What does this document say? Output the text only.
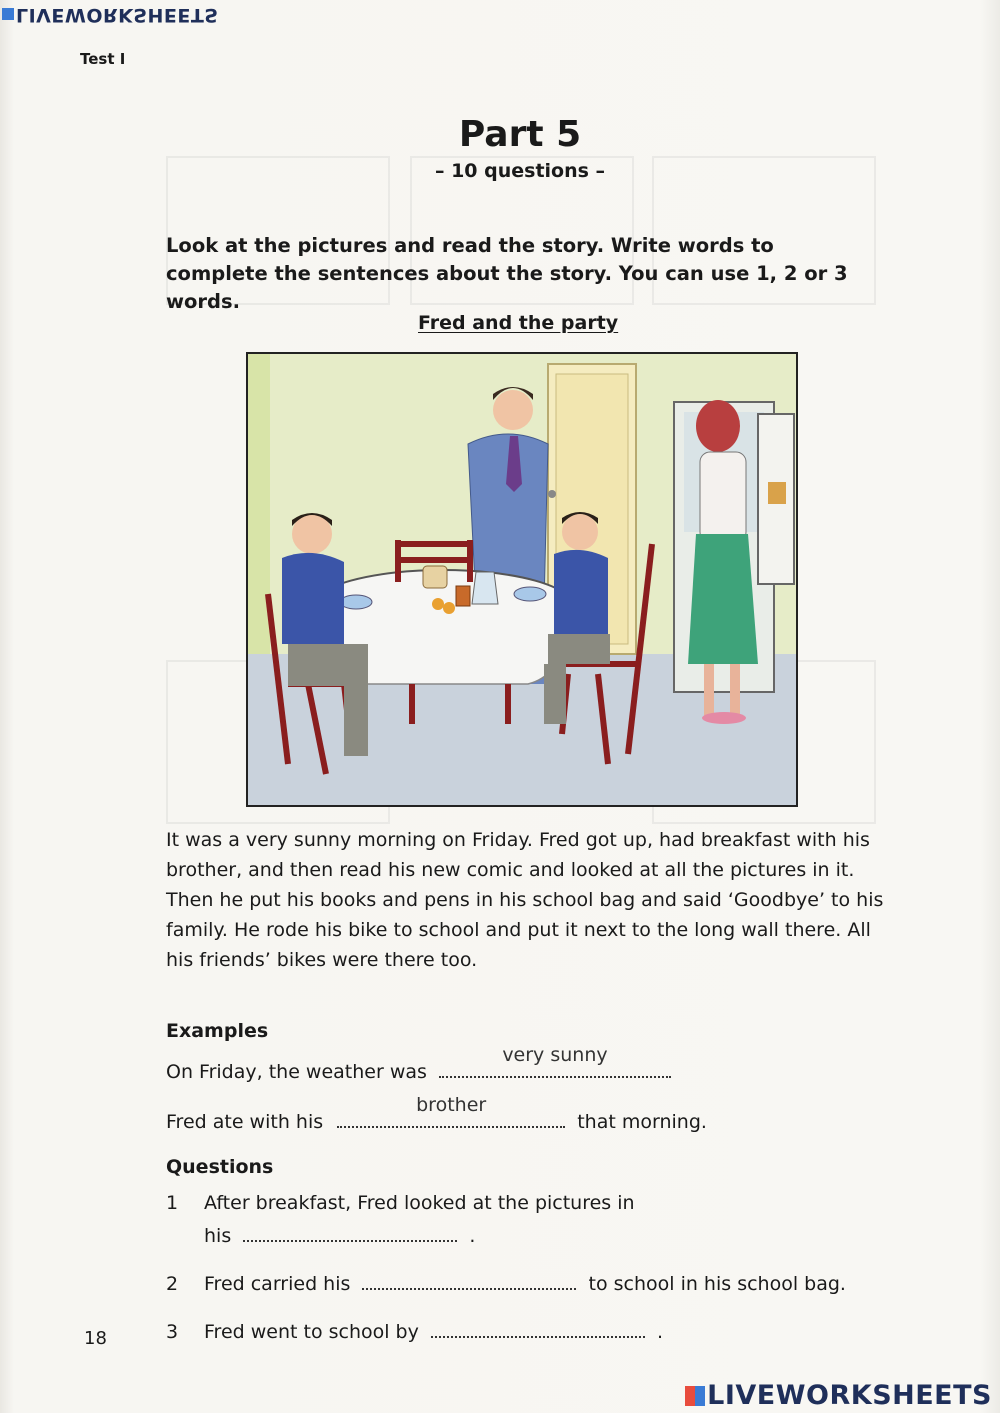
LIVEWORKSHEETS
Test I
Part 5
– 10 questions –
Look at the pictures and read the story. Write words to complete the sentences about the story. You can use 1, 2 or 3 words.
Fred and the party
It was a very sunny morning on Friday. Fred got up, had breakfast with his brother, and then read his new comic and looked at all the pictures in it. Then he put his books and pens in his school bag and said ‘Goodbye’ to his family. He rode his bike to school and put it next to the long wall there. All his friends’ bikes were there too.
Examples
On Friday, the weather was
very sunny
Fred ate with his
brother
that morning.
Questions
1 After breakfast, Fred looked at the pictures in
his	.
2 Fred carried his	to school in his school bag.
3 Fred went to school by	.
18
LIVEWORKSHEETS
